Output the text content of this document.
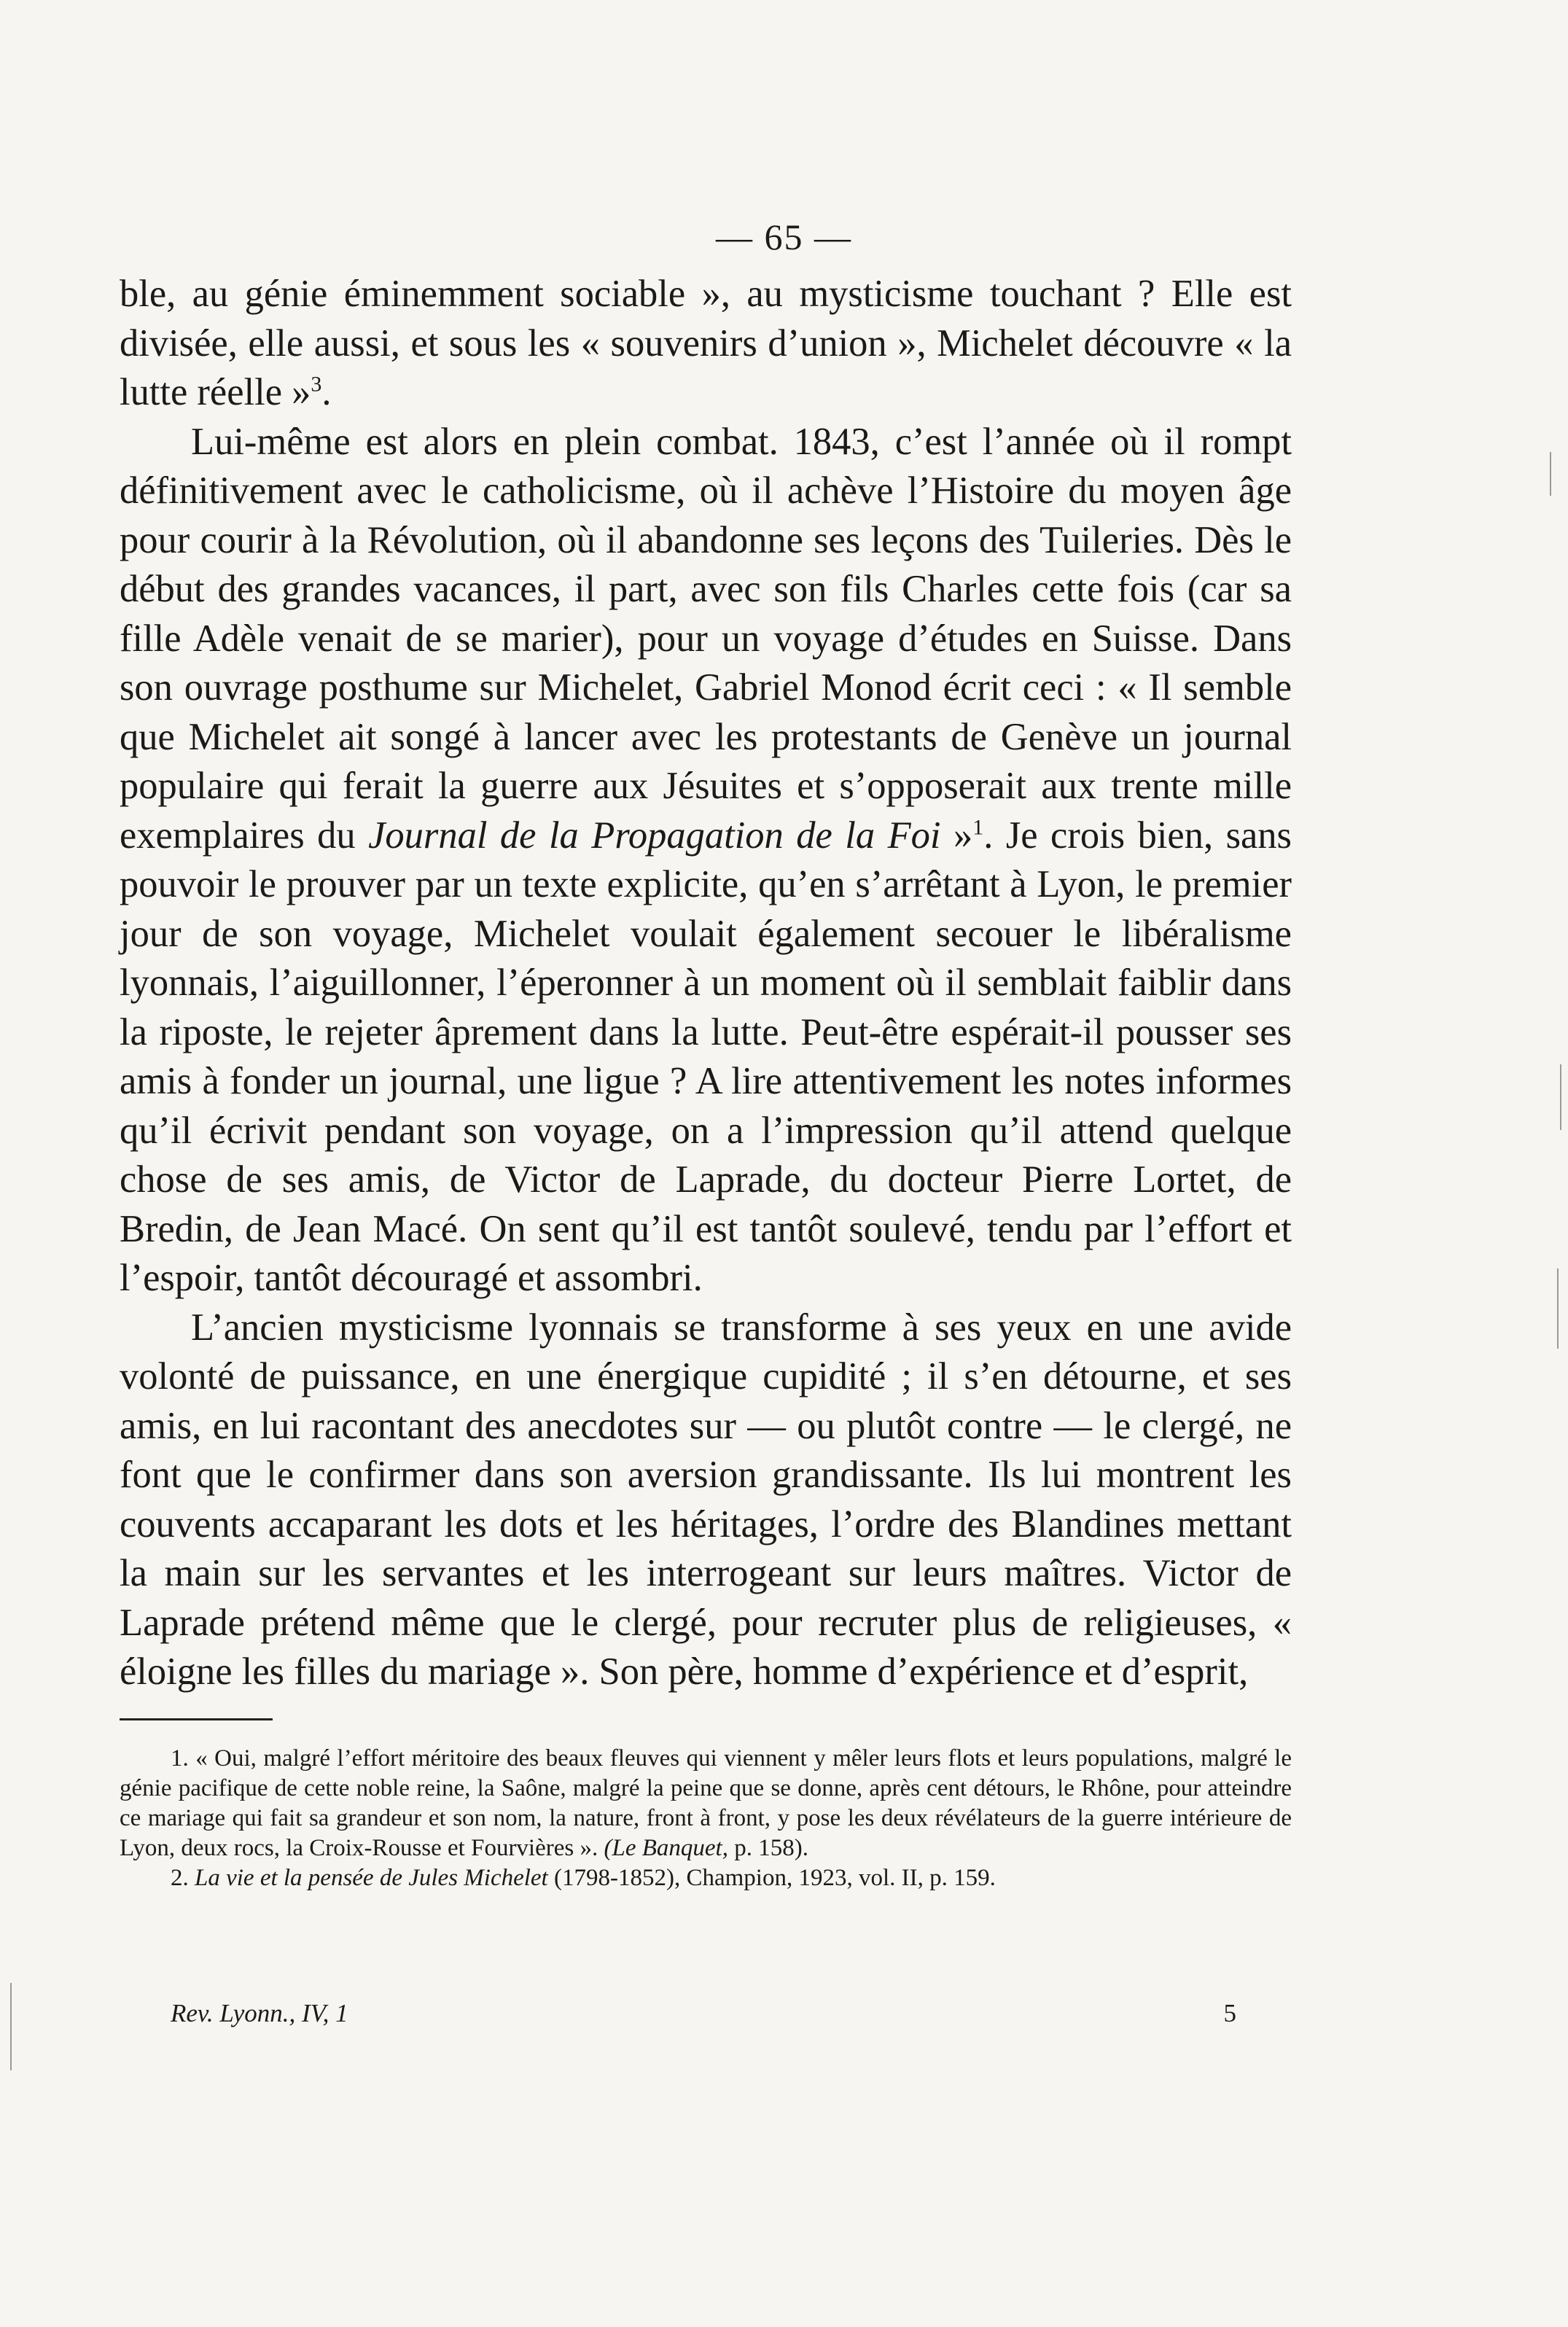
— 65 —

ble, au génie éminemment sociable », au mysticisme touchant ? Elle est divisée, elle aussi, et sous les « souvenirs d’union », Michelet découvre « la lutte réelle »$^3$.

Lui-même est alors en plein combat. 1843, c’est l’année où il rompt définitivement avec le catholicisme, où il achève l’Histoire du moyen âge pour courir à la Révolution, où il abandonne ses leçons des Tuileries. Dès le début des grandes vacances, il part, avec son fils Charles cette fois (car sa fille Adèle venait de se marier), pour un voyage d’études en Suisse. Dans son ouvrage posthume sur Michelet, Gabriel Monod écrit ceci : « Il semble que Michelet ait songé à lancer avec les protestants de Genève un journal populaire qui ferait la guerre aux Jésuites et s’opposerait aux trente mille exemplaires du Journal de la Propagation de la Foi »$^1$. Je crois bien, sans pouvoir le prouver par un texte explicite, qu’en s’arrêtant à Lyon, le premier jour de son voyage, Michelet voulait également secouer le libéralisme lyonnais, l’aiguillonner, l’éperonner à un moment où il semblait faiblir dans la riposte, le rejeter âprement dans la lutte. Peut-être espérait-il pousser ses amis à fonder un journal, une ligue ? A lire attentivement les notes informes qu’il écrivit pendant son voyage, on a l’impression qu’il attend quelque chose de ses amis, de Victor de Laprade, du docteur Pierre Lortet, de Bredin, de Jean Macé. On sent qu’il est tantôt soulevé, tendu par l’effort et l’espoir, tantôt découragé et assombri.

L’ancien mysticisme lyonnais se transforme à ses yeux en une avide volonté de puissance, en une énergique cupidité ; il s’en détourne, et ses amis, en lui racontant des anecdotes sur — ou plutôt contre — le clergé, ne font que le confirmer dans son aversion grandissante. Ils lui montrent les couvents accaparant les dots et les héritages, l’ordre des Blandines mettant la main sur les servantes et les interrogeant sur leurs maîtres. Victor de Laprade prétend même que le clergé, pour recruter plus de religieuses, « éloigne les filles du mariage ». Son père, homme d’expérience et d’esprit,

1. « Oui, malgré l’effort méritoire des beaux fleuves qui viennent y mêler leurs flots et leurs populations, malgré le génie pacifique de cette noble reine, la Saône, malgré la peine que se donne, après cent détours, le Rhône, pour atteindre ce mariage qui fait sa grandeur et son nom, la nature, front à front, y pose les deux révélateurs de la guerre intérieure de Lyon, deux rocs, la Croix-Rousse et Fourvières ». (Le Banquet, p. 158).

2. La vie et la pensée de Jules Michelet (1798-1852), Champion, 1923, vol. II, p. 159.

Rev. Lyonn., IV, 1	5
